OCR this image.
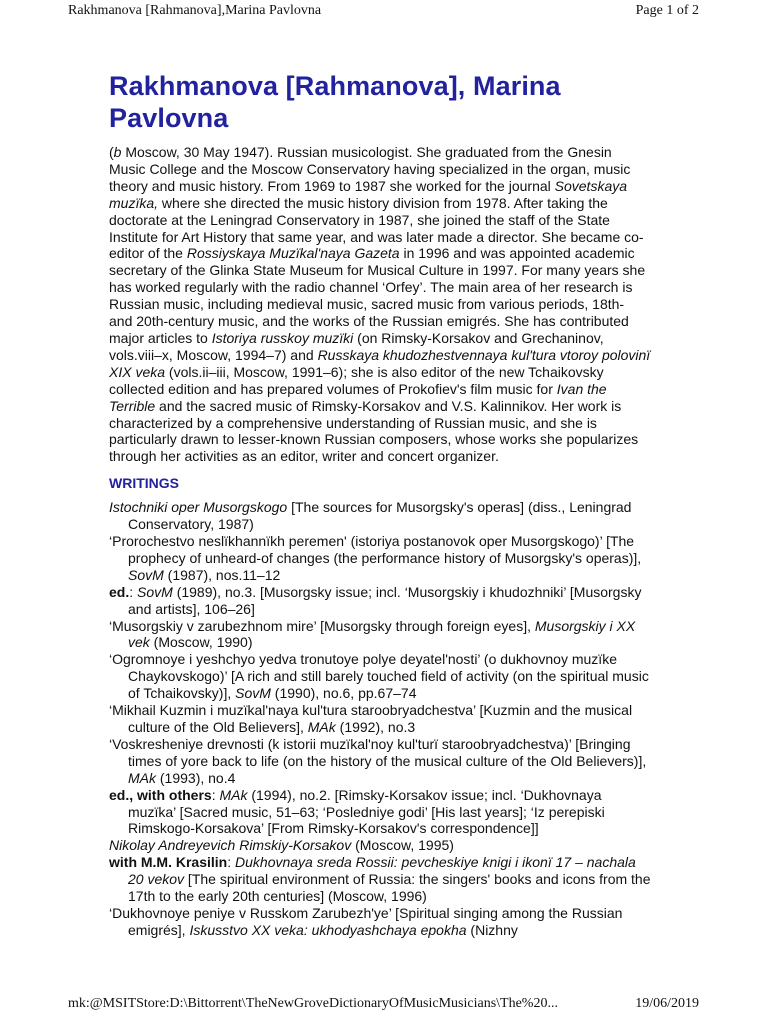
Rakhmanova [Rahmanova],Marina Pavlovna	Page 1 of 2
Rakhmanova [Rahmanova], Marina Pavlovna
(b Moscow, 30 May 1947). Russian musicologist. She graduated from the Gnesin Music College and the Moscow Conservatory having specialized in the organ, music theory and music history. From 1969 to 1987 she worked for the journal Sovetskaya muzïka, where she directed the music history division from 1978. After taking the doctorate at the Leningrad Conservatory in 1987, she joined the staff of the State Institute for Art History that same year, and was later made a director. She became co-editor of the Rossiyskaya Muzïkal'naya Gazeta in 1996 and was appointed academic secretary of the Glinka State Museum for Musical Culture in 1997. For many years she has worked regularly with the radio channel ‘Orfey’. The main area of her research is Russian music, including medieval music, sacred music from various periods, 18th- and 20th-century music, and the works of the Russian emigrés. She has contributed major articles to Istoriya russkoy muzïki (on Rimsky-Korsakov and Grechaninov, vols.viii–x, Moscow, 1994–7) and Russkaya khudozhestvennaya kul'tura vtoroy polovinï XIX veka (vols.ii–iii, Moscow, 1991–6); she is also editor of the new Tchaikovsky collected edition and has prepared volumes of Prokofiev's film music for Ivan the Terrible and the sacred music of Rimsky-Korsakov and V.S. Kalinnikov. Her work is characterized by a comprehensive understanding of Russian music, and she is particularly drawn to lesser-known Russian composers, whose works she popularizes through her activities as an editor, writer and concert organizer.
WRITINGS
Istochniki oper Musorgskogo [The sources for Musorgsky's operas] (diss., Leningrad Conservatory, 1987)
‘Prorochestvo neslïkhannïkh peremen' (istoriya postanovok oper Musorgskogo)’ [The prophecy of unheard-of changes (the performance history of Musorgsky's operas)], SovM (1987), nos.11–12
ed.: SovM (1989), no.3. [Musorgsky issue; incl. ‘Musorgskiy i khudozhniki’ [Musorgsky and artists], 106–26]
‘Musorgskiy v zarubezhnom mire’ [Musorgsky through foreign eyes], Musorgskiy i XX vek (Moscow, 1990)
‘Ogromnoye i yeshchyo yedva tronutoye polye deyatel'nosti’ (o dukhovnoy muzïke Chaykovskogo)’ [A rich and still barely touched field of activity (on the spiritual music of Tchaikovsky)], SovM (1990), no.6, pp.67–74
‘Mikhail Kuzmin i muzïkal'naya kul'tura staroobryadchestva’ [Kuzmin and the musical culture of the Old Believers], MAk (1992), no.3
‘Voskresheniye drevnosti (k istorii muzïkal'noy kul'turï staroobryadchestva)’ [Bringing times of yore back to life (on the history of the musical culture of the Old Believers)], MAk (1993), no.4
ed., with others: MAk (1994), no.2. [Rimsky-Korsakov issue; incl. ‘Dukhovnaya muzïka’ [Sacred music, 51–63; ‘Posledniye godi’ [His last years]; ‘Iz perepiski Rimskogo-Korsakova’ [From Rimsky-Korsakov's correspondence]]
Nikolay Andreyevich Rimskiy-Korsakov (Moscow, 1995)
with M.M. Krasilin: Dukhovnaya sreda Rossii: pevcheskiye knigi i ikonï 17 – nachala 20 vekov [The spiritual environment of Russia: the singers' books and icons from the 17th to the early 20th centuries] (Moscow, 1996)
‘Dukhovnoye peniye v Russkom Zarubezh'ye’ [Spiritual singing among the Russian emigrés], Iskusstvo XX veka: ukhodyashchaya epokha (Nizhny
mk:@MSITStore:D:\Bittorrent\TheNewGroveDictionaryOfMusicMusicians\The%20...	19/06/2019
